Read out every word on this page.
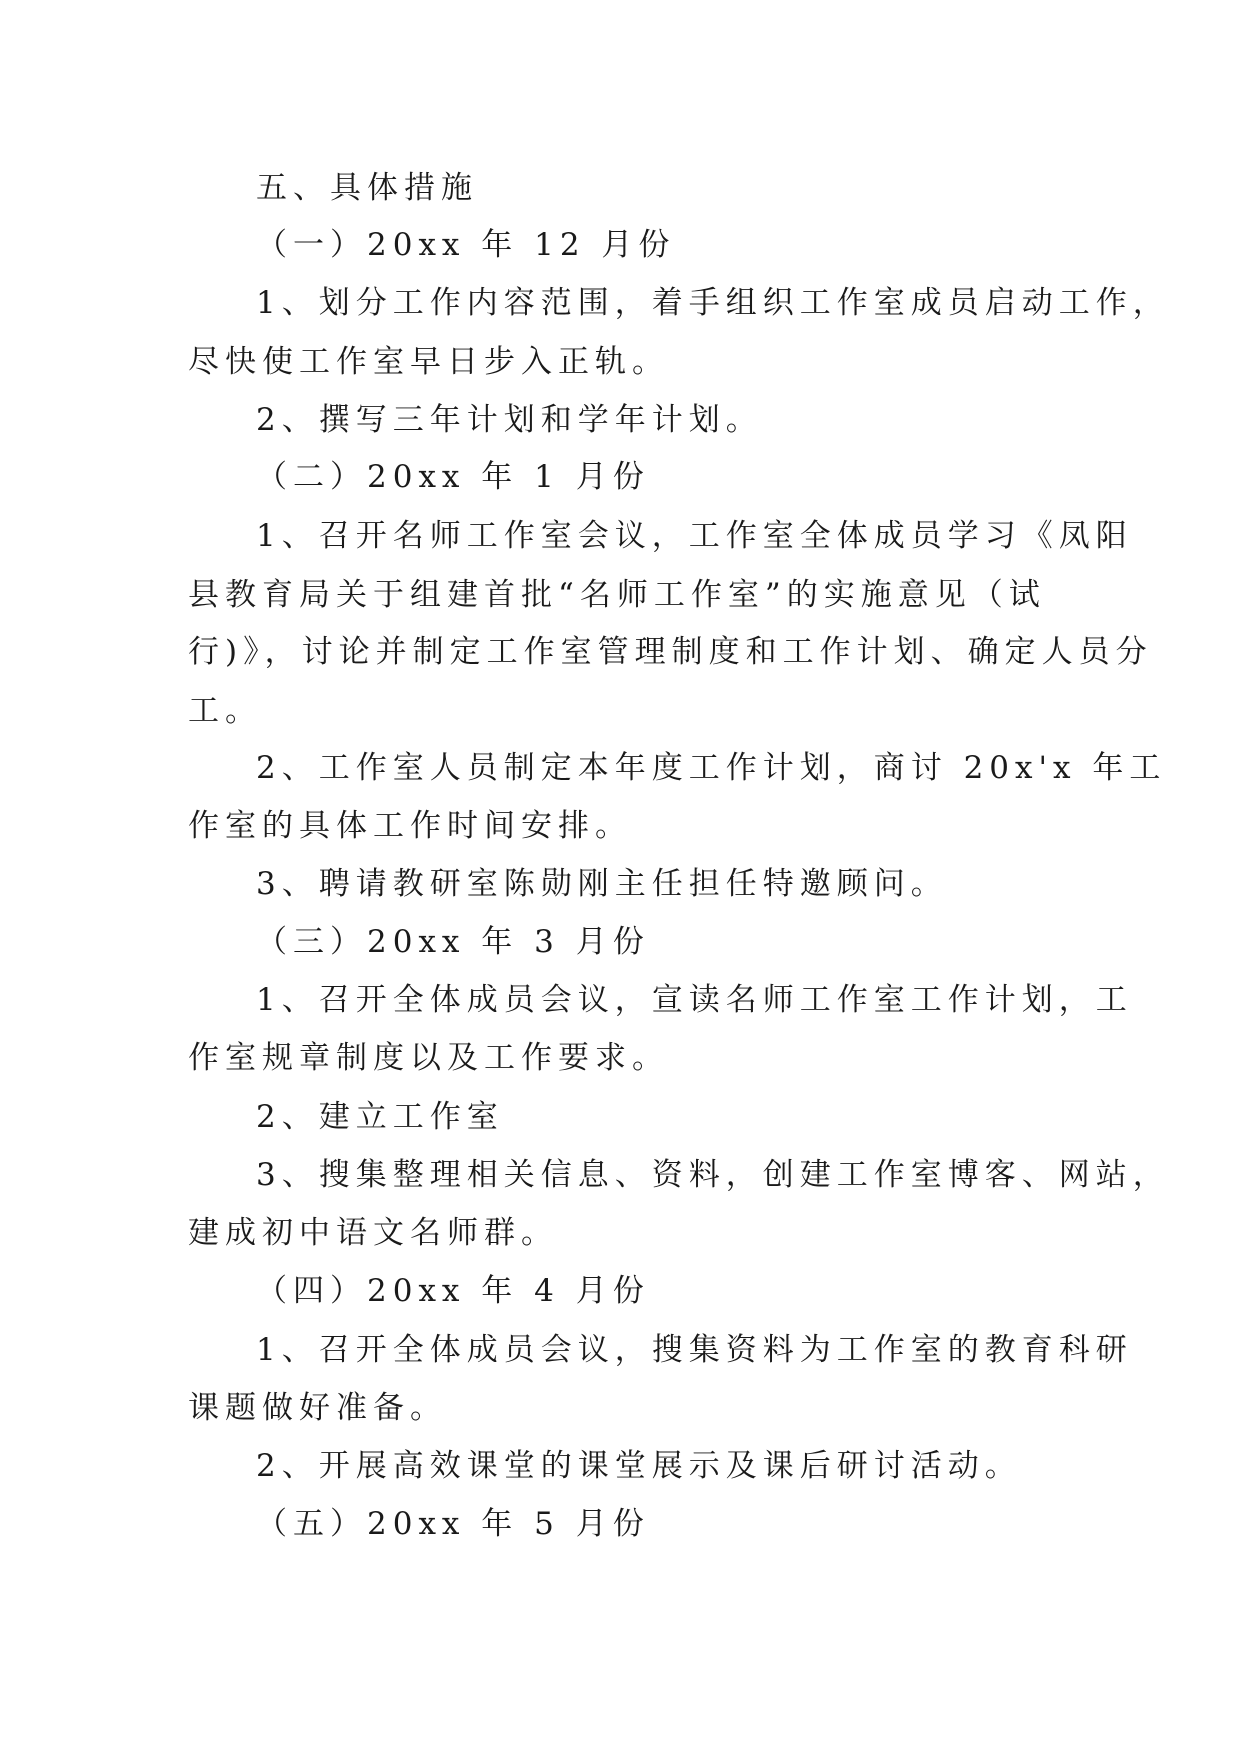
五、具体措施
（一）20xx 年 12 月份
1、划分工作内容范围，着手组织工作室成员启动工作，
尽快使工作室早日步入正轨。
2、撰写三年计划和学年计划。
（二）20xx 年 1 月份
1、召开名师工作室会议，工作室全体成员学习《凤阳
县教育局关于组建首批“名师工作室”的实施意见（试
行)》，讨论并制定工作室管理制度和工作计划、确定人员分
工。
2、工作室人员制定本年度工作计划，商讨 20x'x 年工
作室的具体工作时间安排。
3、聘请教研室陈勋刚主任担任特邀顾问。
（三）20xx 年 3 月份
1、召开全体成员会议，宣读名师工作室工作计划，工
作室规章制度以及工作要求。
2、建立工作室
3、搜集整理相关信息、资料，创建工作室博客、网站，
建成初中语文名师群。
（四）20xx 年 4 月份
1、召开全体成员会议，搜集资料为工作室的教育科研
课题做好准备。
2、开展高效课堂的课堂展示及课后研讨活动。
（五）20xx 年 5 月份
